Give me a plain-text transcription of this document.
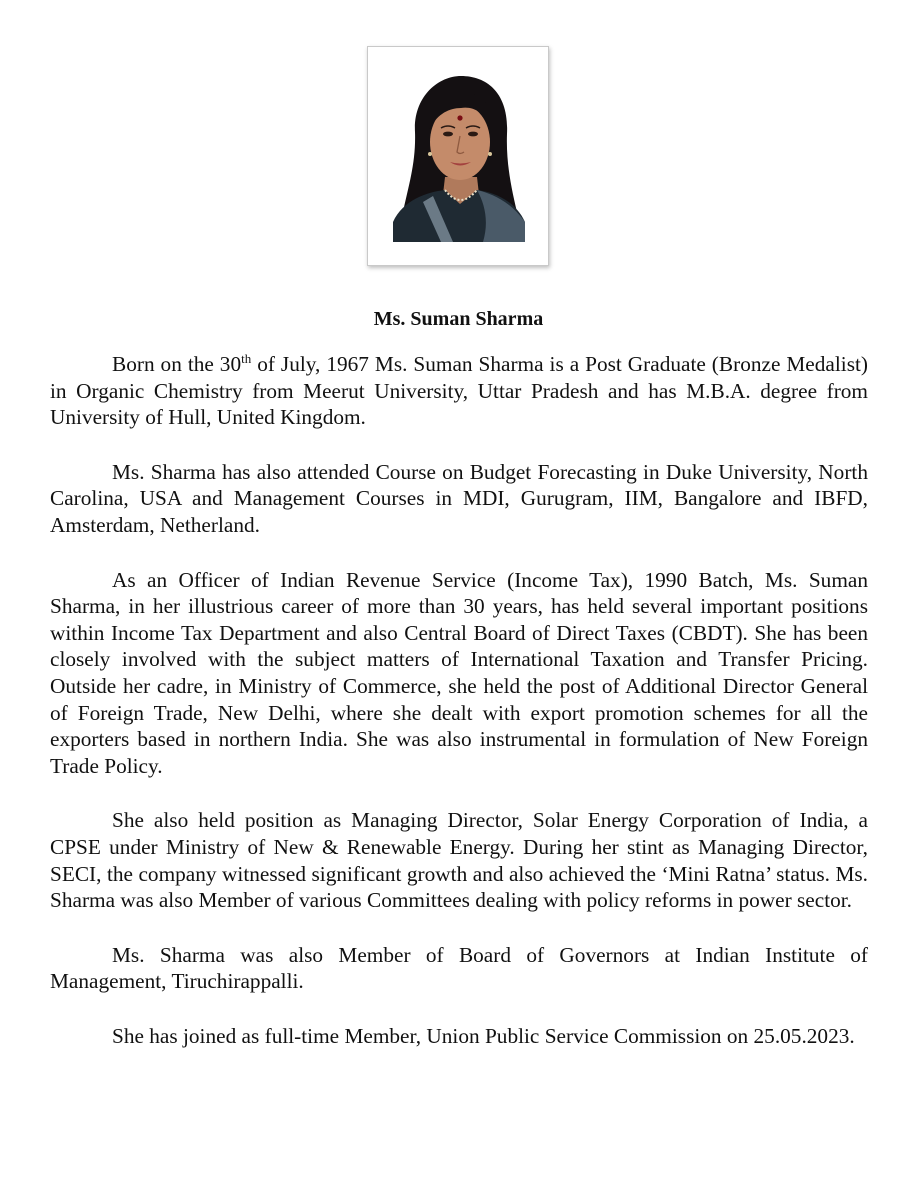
Ms. Suman Sharma

Born on the 30th of July, 1967 Ms. Suman Sharma is a Post Graduate (Bronze Medalist) in Organic Chemistry from Meerut University, Uttar Pradesh and has M.B.A. degree from University of Hull, United Kingdom.

Ms. Sharma has also attended Course on Budget Forecasting in Duke University, North Carolina, USA and Management Courses in MDI, Gurugram, IIM, Bangalore and IBFD, Amsterdam, Netherland.

As an Officer of Indian Revenue Service (Income Tax), 1990 Batch, Ms. Suman Sharma, in her illustrious career of more than 30 years, has held several important positions within Income Tax Department and also Central Board of Direct Taxes (CBDT). She has been closely involved with the subject matters of International Taxation and Transfer Pricing. Outside her cadre, in Ministry of Commerce, she held the post of Additional Director General of Foreign Trade, New Delhi, where she dealt with export promotion schemes for all the exporters based in northern India. She was also instrumental in formulation of New Foreign Trade Policy.

She also held position as Managing Director, Solar Energy Corporation of India, a CPSE under Ministry of New & Renewable Energy. During her stint as Managing Director, SECI, the company witnessed significant growth and also achieved the ‘Mini Ratna’ status. Ms. Sharma was also Member of various Committees dealing with policy reforms in power sector.

Ms. Sharma was also Member of Board of Governors at Indian Institute of Management, Tiruchirappalli.

She has joined as full-time Member, Union Public Service Commission on 25.05.2023.
